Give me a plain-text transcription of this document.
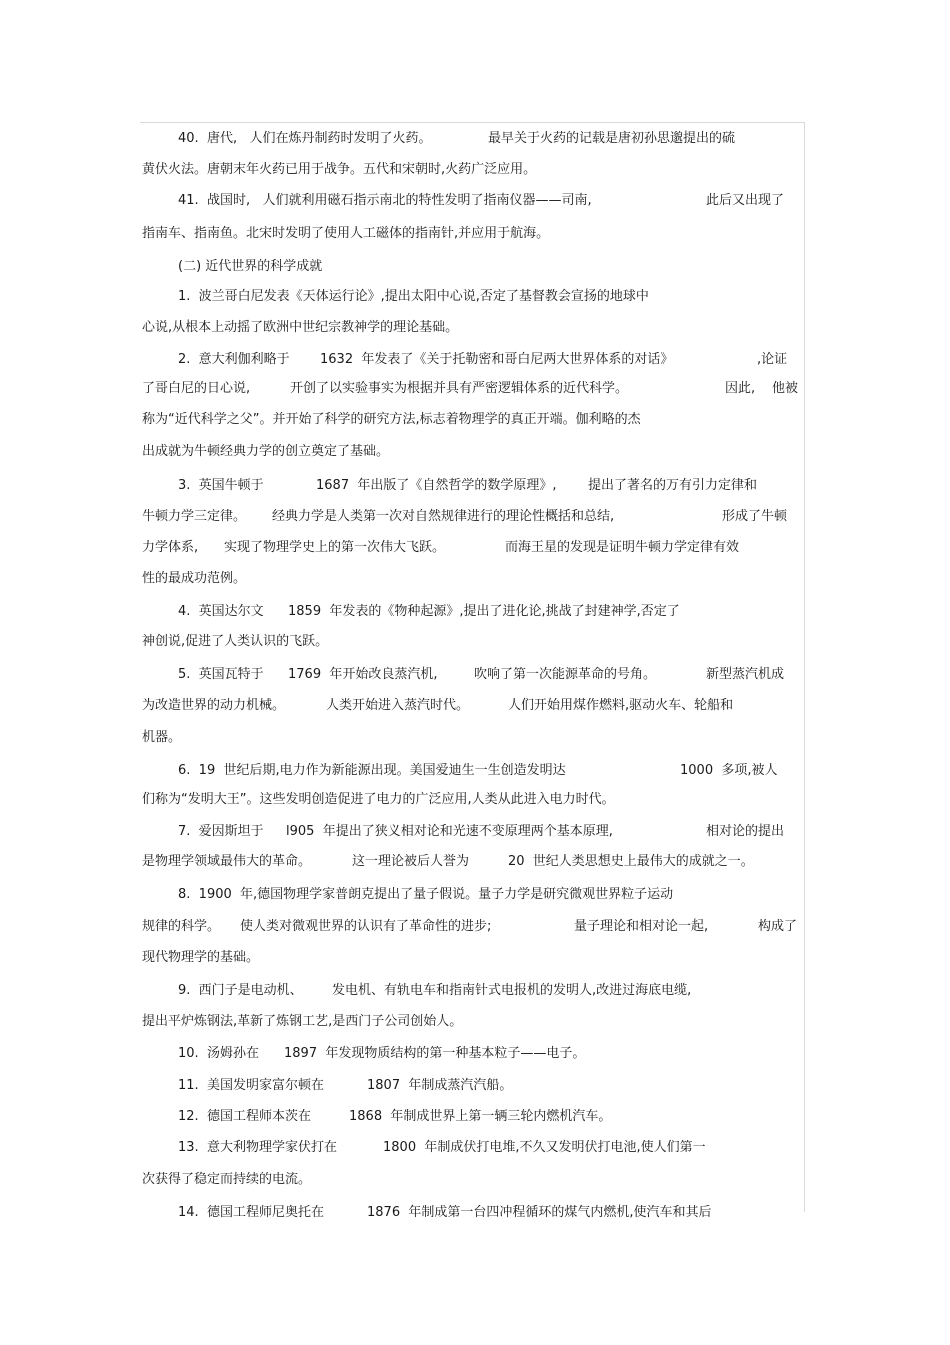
40.  唐代,   人们在炼丹制药时发明了火药。	最早关于火药的记载是唐初孙思邈提出的硫
黄伏火法。唐朝末年火药已用于战争。五代和宋朝时,火药广泛应用。
41.  战国时,   人们就利用磁石指示南北的特性发明了指南仪器——司南,	此后又出现了
指南车、指南鱼。北宋时发明了使用人工磁体的指南针,并应用于航海。
(二) 近代世界的科学成就
1.  波兰哥白尼发表《天体运行论》,提出太阳中心说,否定了基督教会宣扬的地球中
心说,从根本上动摇了欧洲中世纪宗教神学的理论基础。
2.  意大利伽利略于 1632  年发表了《关于托勒密和哥白尼两大世界体系的对话》	,论证
了哥白尼的日心说,	开创了以实验事实为根据并具有严密逻辑体系的近代科学。	因此, 他被
称为“近代科学之父”。并开始了科学的研究方法,标志着物理学的真正开端。伽利略的杰
出成就为牛顿经典力学的创立奠定了基础。
3.  英国牛顿于	1687  年出版了《自然哲学的数学原理》, 提出了著名的万有引力定律和
牛顿力学三定律。 经典力学是人类第一次对自然规律进行的理论性概括和总结,	形成了牛顿
力学体系, 实现了物理学史上的第一次伟大飞跃。	而海王星的发现是证明牛顿力学定律有效
性的最成功范例。
4.  英国达尔文 1859  年发表的《物种起源》,提出了进化论,挑战了封建神学,否定了
神创说,促进了人类认识的飞跃。
5.  英国瓦特于 1769  年开始改良蒸汽机,	吹响了第一次能源革命的号角。	新型蒸汽机成
为改造世界的动力机械。	人类开始进入蒸汽时代。	人们开始用煤作燃料,驱动火车、轮船和
机器。
6.  19  世纪后期,电力作为新能源出现。美国爱迪生一生创造发明达	1000  多项,被人
们称为“发明大王”。这些发明创造促进了电力的广泛应用,人类从此进入电力时代。
7.  爱因斯坦于 l905  年提出了狭义相对论和光速不变原理两个基本原理,	相对论的提出
是物理学领域最伟大的革命。	这一理论被后人誉为	20  世纪人类思想史上最伟大的成就之一。
8.  1900  年,德国物理学家普朗克提出了量子假说。量子力学是研究微观世界粒子运动
规律的科学。 使人类对微观世界的认识有了革命性的进步;	量子理论和相对论一起,	构成了
现代物理学的基础。
9.  西门子是电动机、 发电机、有轨电车和指南针式电报机的发明人,改进过海底电缆,
提出平炉炼钢法,革新了炼钢工艺,是西门子公司创始人。
10.  汤姆孙在 1897  年发现物质结构的第一种基本粒子——电子。
11.  美国发明家富尔顿在	1807  年制成蒸汽汽船。
12.  德国工程师本茨在	1868  年制成世界上第一辆三轮内燃机汽车。
13.  意大利物理学家伏打在	1800  年制成伏打电堆,不久又发明伏打电池,使人们第一
次获得了稳定而持续的电流。
14.  德国工程师尼奥托在	1876  年制成第一台四冲程循环的煤气内燃机,使汽车和其后
